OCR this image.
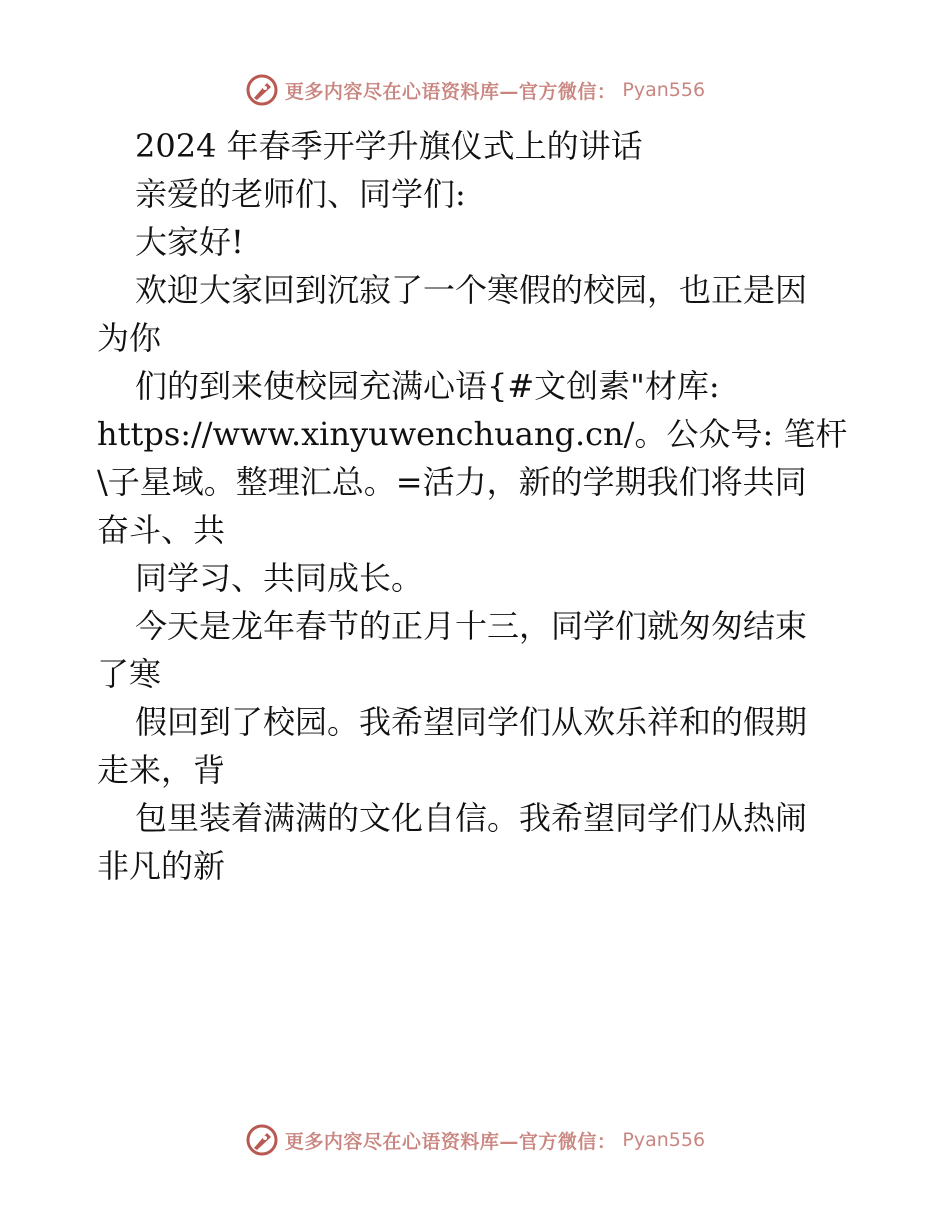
更多内容尽在心语资料库—官方微信： Pyan556
2024 年春季开学升旗仪式上的讲话
亲爱的老师们、同学们:
大家好!
欢迎大家回到沉寂了一个寒假的校园，也正是因
为你
们的到来使校园充满心语{#文创素"材库:
https://www.xinyuwenchuang.cn/。公众号: 笔杆
\子星域。整理汇总。=活力，新的学期我们将共同
奋斗、共
同学习、共同成长。
今天是龙年春节的正月十三，同学们就匆匆结束
了寒
假回到了校园。我希望同学们从欢乐祥和的假期
走来，背
包里装着满满的文化自信。我希望同学们从热闹
非凡的新
更多内容尽在心语资料库—官方微信： Pyan556
